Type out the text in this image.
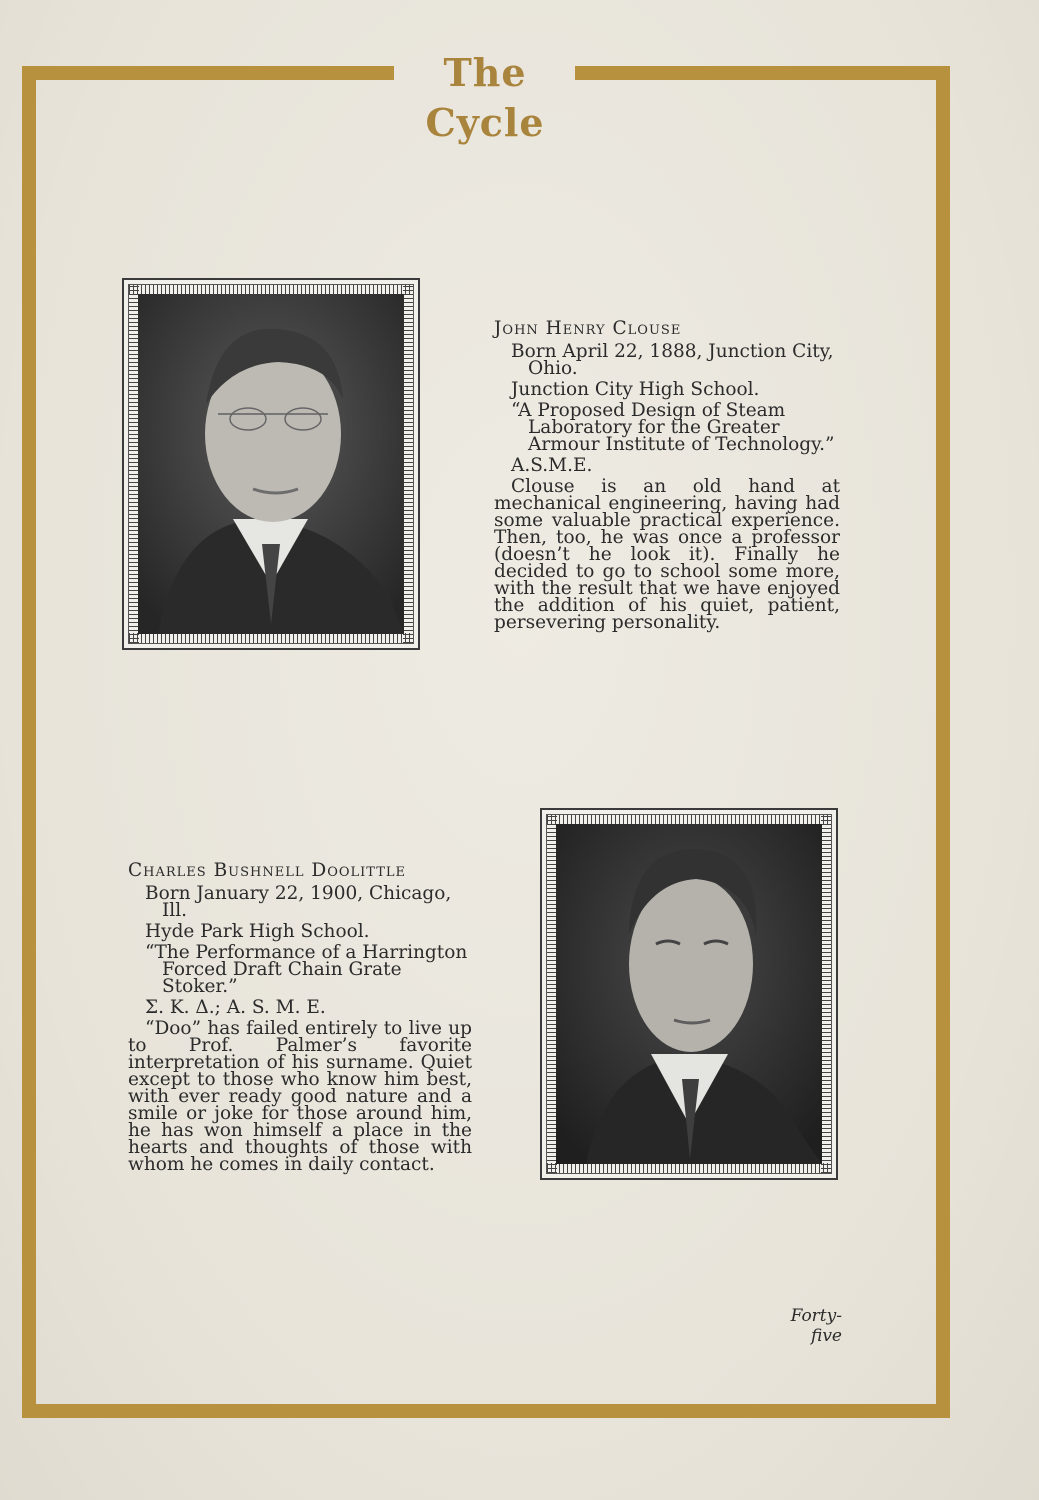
The Cycle
John Henry Clouse
Born April 22, 1888, Junction City, Ohio.
Junction City High School.
“A Proposed Design of Steam Laboratory for the Greater Armour Institute of Technology.”
A.S.M.E.
Clouse is an old hand at mechanical engineering, having had some valuable practical experience. Then, too, he was once a professor (doesn’t he look it). Finally he decided to go to school some more, with the result that we have enjoyed the addition of his quiet, patient, persevering personality.
Charles Bushnell Doolittle
Born January 22, 1900, Chicago, Ill.
Hyde Park High School.
“The Performance of a Harrington Forced Draft Chain Grate Stoker.”
Σ. K. Δ.; A. S. M. E.
“Doo” has failed entirely to live up to Prof. Palmer’s favorite interpretation of his surname. Quiet except to those who know him best, with ever ready good nature and a smile or joke for those around him, he has won himself a place in the hearts and thoughts of those with whom he comes in daily contact.
Forty-five
